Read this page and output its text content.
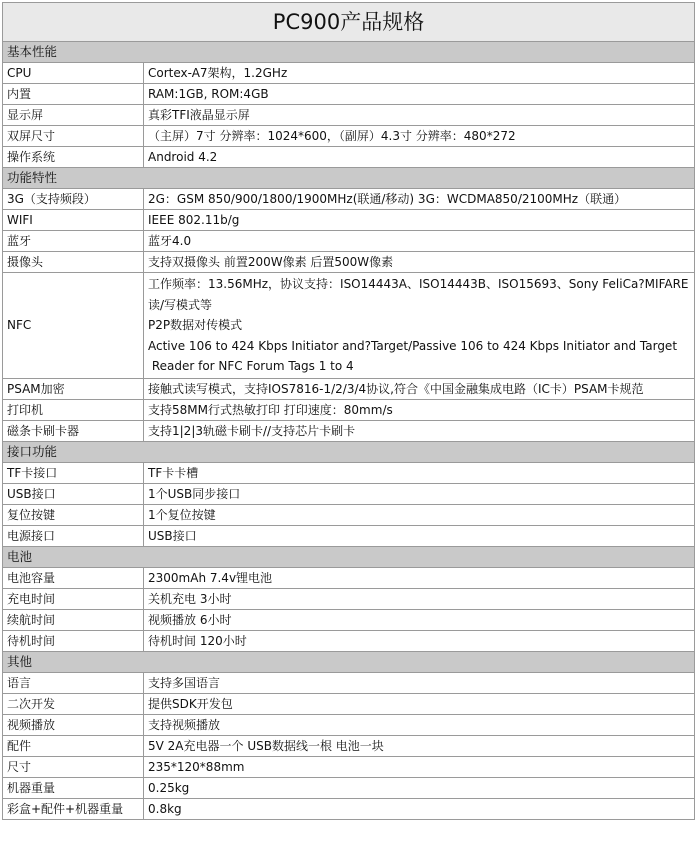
PC900产品规格	
基本性能	
CPU	Cortex-A7架构，1.2GHz
内置	RAM:1GB, ROM:4GB
显示屏	真彩TFI液晶显示屏
双屏尺寸	（主屏）7寸 分辨率：1024*600，（副屏）4.3寸 分辨率：480*272
操作系统	Android 4.2
功能特性	
3G（支持频段）	2G：GSM 850/900/1800/1900MHz(联通/移动) 3G：WCDMA850/2100MHz（联通）
WIFI	IEEE 802.11b/g
蓝牙	蓝牙4.0
摄像头	支持双摄像头 前置200W像素 后置500W像素
NFC	工作频率：13.56MHz，协议支持：ISO14443A、ISO14443B、ISO15693、Sony FeliCa?MIFARE
读/写模式等
P2P数据对传模式
Active 106 to 424 Kbps Initiator and?Target/Passive 106 to 424 Kbps Initiator and Target
Reader for NFC Forum Tags 1 to 4

PSAM加密	接触式读写模式，支持IOS7816-1/2/3/4协议,符合《中国金融集成电路（IC卡）PSAM卡规范
打印机	支持58MM行式热敏打印 打印速度：80mm/s
磁条卡刷卡器	支持1|2|3轨磁卡刷卡//支持芯片卡刷卡
接口功能	
TF卡接口	TF卡卡槽
USB接口	1个USB同步接口
复位按键	1个复位按键
电源接口	USB接口
电池	
电池容量	2300mAh 7.4v锂电池
充电时间	关机充电 3小时
续航时间	视频播放 6小时
待机时间	待机时间 120小时
其他	
语言	支持多国语言
二次开发	提供SDK开发包
视频播放	支持视频播放
配件	5V 2A充电器一个 USB数据线一根 电池一块
尺寸	235*120*88mm
机器重量	0.25kg
彩盒+配件+机器重量	0.8kg
